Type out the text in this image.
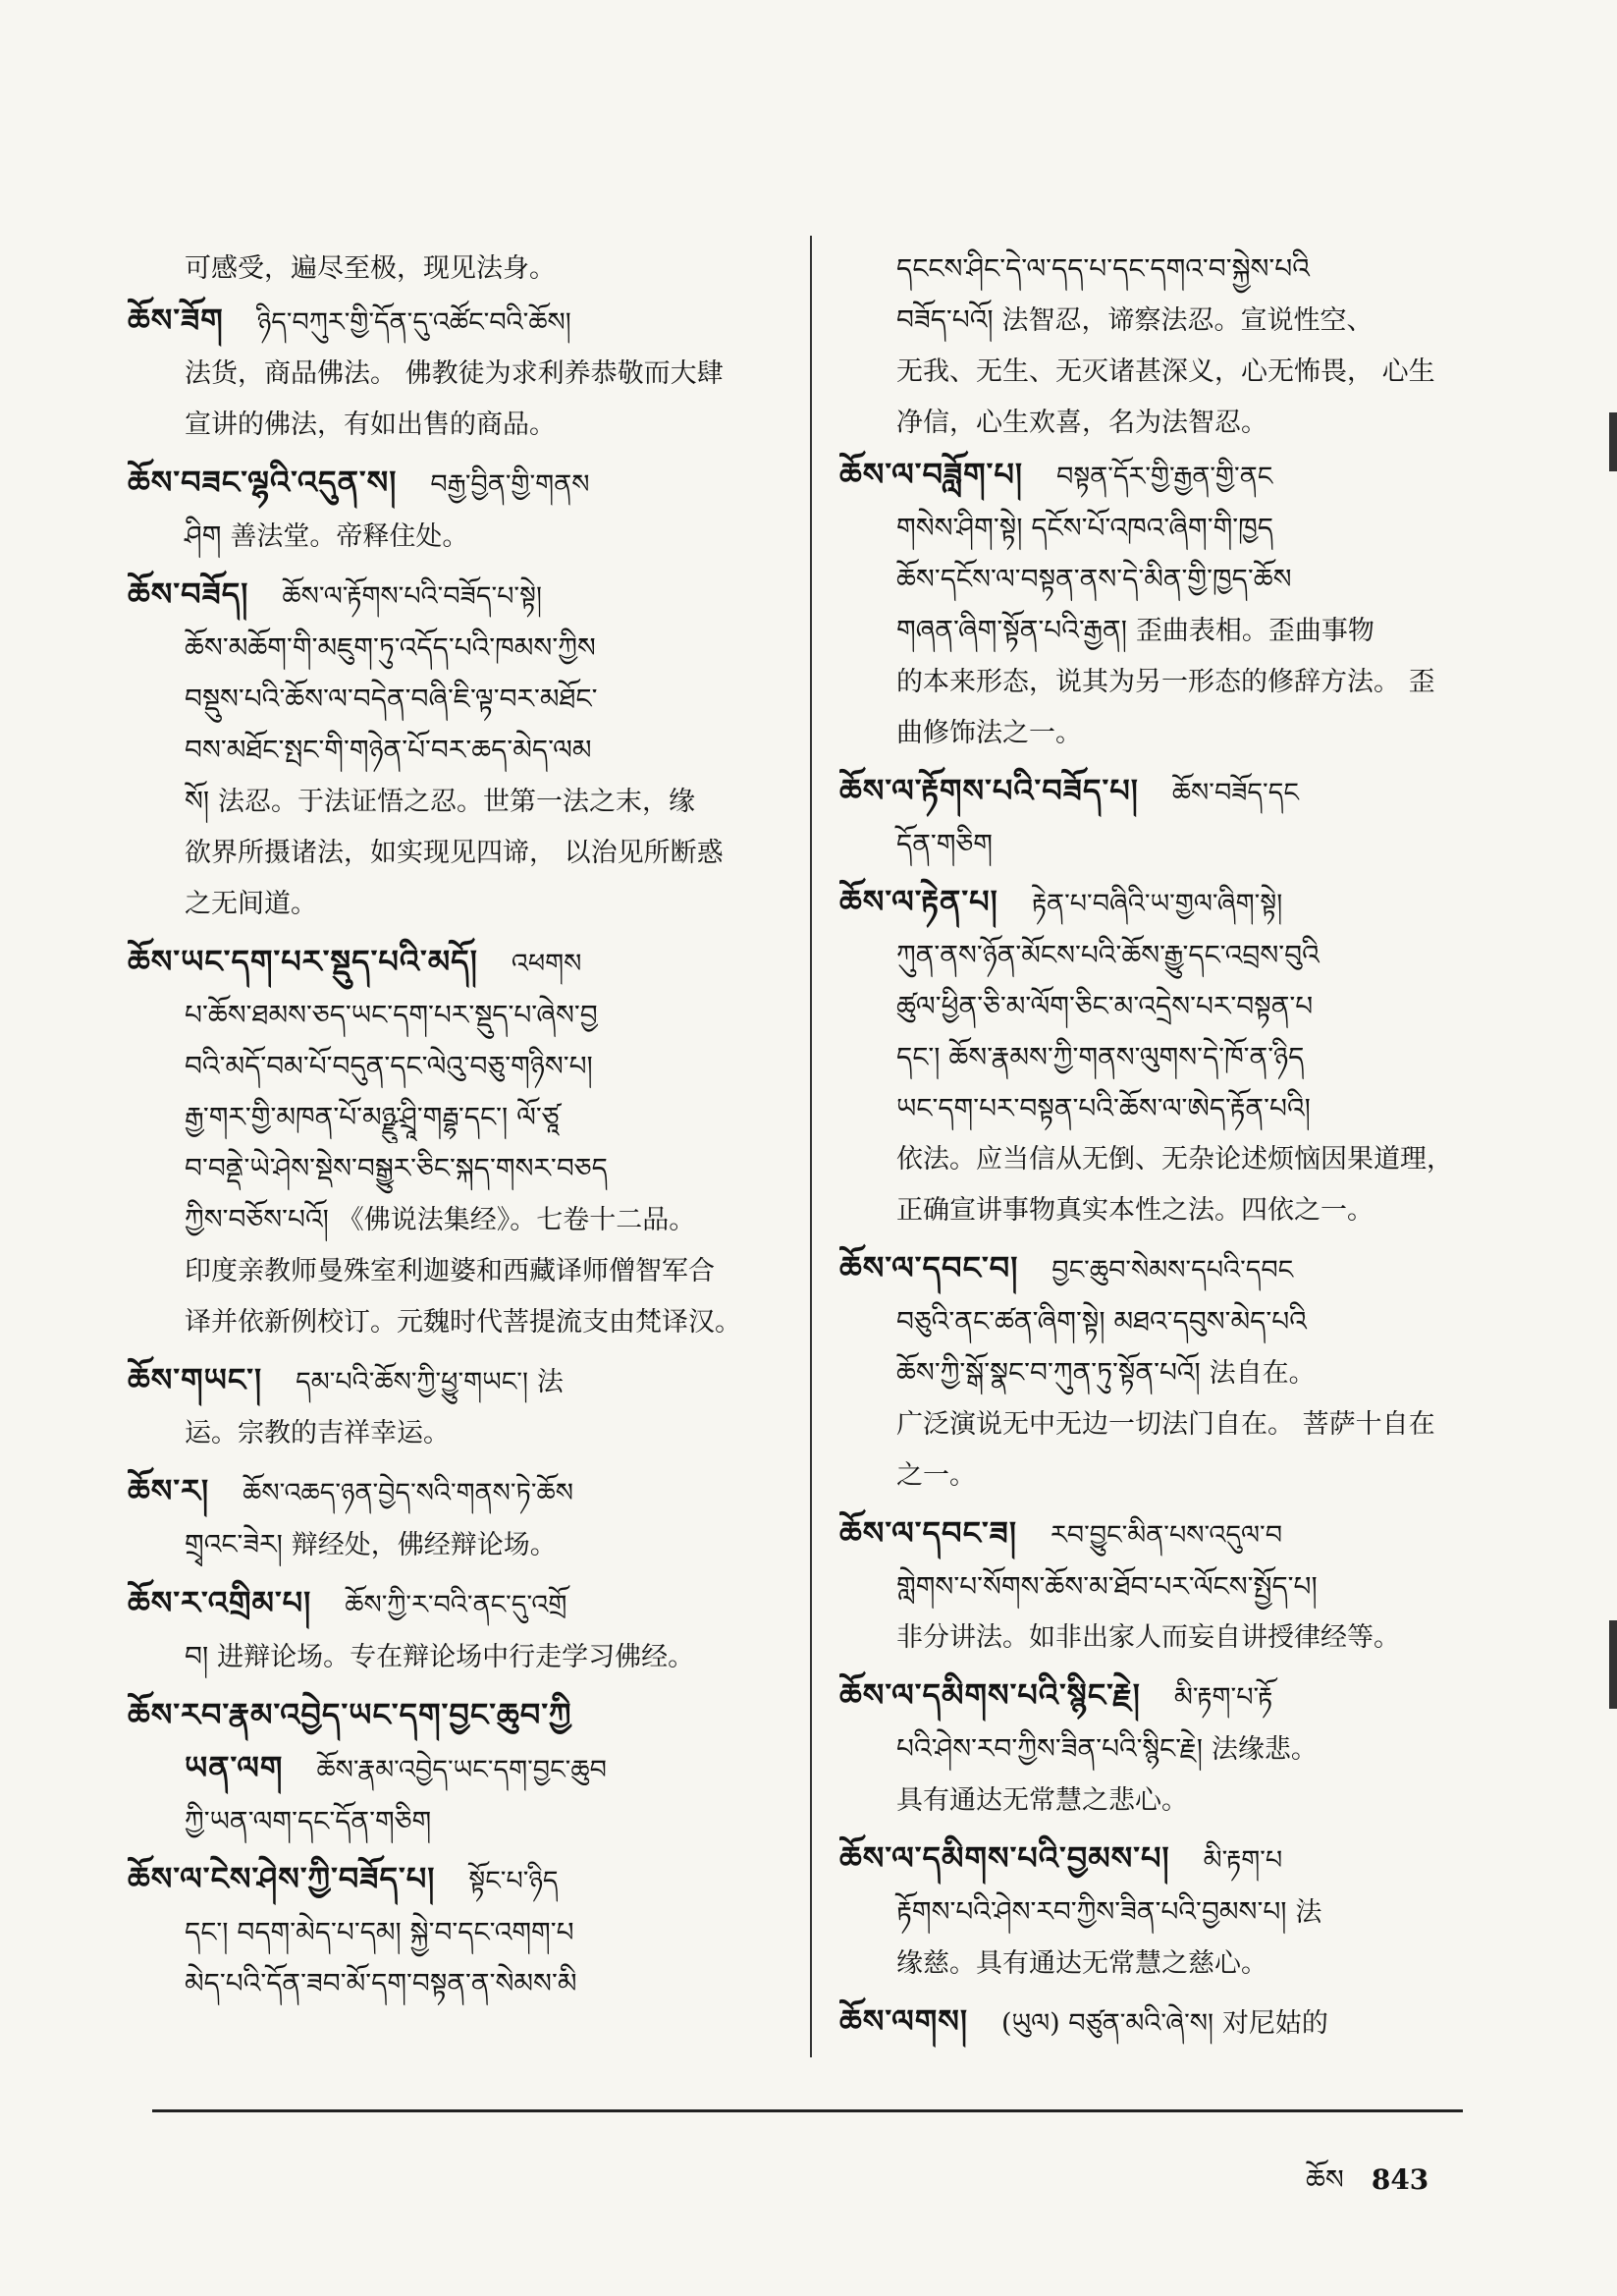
可感受，遍尽至极，现见法身。
ཆོས་ཟོག ཉིད་བཀུར་གྱི་དོན་དུ་འཚོང་བའི་ཆོས།
法货，商品佛法。 佛教徒为求利养恭敬而大肆
宣讲的佛法，有如出售的商品。
ཆོས་བཟང་ལྷའི་འདུན་ས། བརྒྱ་བྱིན་གྱི་གནས
ཤིག 善法堂。帝释住处。
ཆོས་བཟོད། ཆོས་ལ་རྟོགས་པའི་བཟོད་པ་སྟེ།
ཆོས་མཆོག་གི་མཇུག་ཏུ་འདོད་པའི་ཁམས་ཀྱིས
བསྡུས་པའི་ཆོས་ལ་བདེན་བཞི་ཇི་ལྟ་བར་མཐོང་
བས་མཐོང་སྤང་གི་གཉེན་པོ་བར་ཆད་མེད་ལམ
སོ། 法忍。于法证悟之忍。世第一法之末，缘
欲界所摄诸法，如实现见四谛， 以治见所断惑
之无间道。
ཆོས་ཡང་དག་པར་སྡུད་པའི་མདོ། འཕགས
པ་ཆོས་ཐམས་ཅད་ཡང་དག་པར་སྡུད་པ་ཞེས་བྱ
བའི་མདོ་བམ་པོ་བདུན་དང་ལེའུ་བཅུ་གཉིས་པ།
རྒྱ་གར་གྱི་མཁན་པོ་མཉྫུ་ཤྲཱི་གརྦྷ་དང་། ལོ་ཙཱ
བ་བནྡེ་ཡེ་ཤེས་སྡེས་བསྒྱུར་ཅིང་སྐད་གསར་བཅད
ཀྱིས་བཅོས་པའོ། 《佛说法集经》。七卷十二品。
印度亲教师曼殊室利迦婆和西藏译师僧智军合
译并依新例校订。元魏时代菩提流支由梵译汉。
ཆོས་གཡང་། དམ་པའི་ཆོས་ཀྱི་ཕྱུ་གཡང་། 法
运。宗教的吉祥幸运。
ཆོས་ར། ཆོས་འཆད་ཉན་བྱེད་སའི་གནས་ཏེ་ཆོས
གྲྭའང་ཟེར། 辩经处，佛经辩论场。
ཆོས་ར་འགྲིམ་པ། ཆོས་ཀྱི་ར་བའི་ནང་དུ་འགྲོ
བ། 进辩论场。专在辩论场中行走学习佛经。
ཆོས་རབ་རྣམ་འབྱེད་ཡང་དག་བྱང་ཆུབ་ཀྱི
ཡན་ལག ཆོས་རྣམ་འབྱེད་ཡང་དག་བྱང་ཆུབ
ཀྱི་ཡན་ལག་དང་དོན་གཅིག
ཆོས་ལ་ངེས་ཤེས་ཀྱི་བཟོད་པ། སྟོང་པ་ཉིད
དང་། བདག་མེད་པ་དམ། སྐྱེ་བ་དང་འགག་པ
མེད་པའི་དོན་ཟབ་མོ་དག་བསྟན་ན་སེམས་མི
དངངས་ཤིང་དེ་ལ་དད་པ་དང་དགའ་བ་སྐྱེས་པའི
བཟོད་པའོ། 法智忍，谛察法忍。宣说性空、
无我、无生、无灭诸甚深义，心无怖畏， 心生
净信，心生欢喜，名为法智忍。
ཆོས་ལ་བཟློག་པ། བསྟན་དོར་གྱི་རྒྱན་གྱི་ནང
གསེས་ཤིག་སྟེ། དངོས་པོ་འཁའ་ཞིག་གི་ཁྱད
ཆོས་དངོས་ལ་བསྟན་ནས་དེ་མིན་གྱི་ཁྱད་ཆོས
གཞན་ཞིག་སྟོན་པའི་རྒྱན། 歪曲表相。歪曲事物
的本来形态，说其为另一形态的修辞方法。 歪
曲修饰法之一。
ཆོས་ལ་རྟོགས་པའི་བཟོད་པ། ཆོས་བཟོད་དང
དོན་གཅིག
ཆོས་ལ་རྟེན་པ། རྟེན་པ་བཞིའི་ཡ་གྱལ་ཞིག་སྟེ།
ཀུན་ནས་ཉོན་མོངས་པའི་ཆོས་རྒྱུ་དང་འབྲས་བུའི
ཚུལ་ཕྱིན་ཅི་མ་ལོག་ཅིང་མ་འདྲེས་པར་བསྟན་པ
དང་། ཆོས་རྣམས་ཀྱི་གནས་ལུགས་དེ་ཁོ་ན་ཉིད
ཡང་དག་པར་བསྟན་པའི་ཆོས་ལ་ཨེད་རྟོན་པའི།
依法。应当信从无倒、无杂论述烦恼因果道理，
正确宣讲事物真实本性之法。四依之一。
ཆོས་ལ་དབང་བ། བྱང་ཆུབ་སེམས་དཔའི་དབང
བཅུའི་ནང་ཚན་ཞིག་སྟེ། མཐའ་དབུས་མེད་པའི
ཆོས་ཀྱི་སྒོ་སྣང་བ་ཀུན་ཏུ་སྟོན་པའོ། 法自在。
广泛演说无中无边一切法门自在。 菩萨十自在
之一。
ཆོས་ལ་དབང་ཟ། རབ་བྱུང་མིན་པས་འདུལ་བ
གླེགས་པ་སོགས་ཆོས་མ་ཐོབ་པར་ལོངས་སྤྱོད་པ།
非分讲法。如非出家人而妄自讲授律经等。
ཆོས་ལ་དམིགས་པའི་སྙིང་རྗེ། མི་རྟག་པ་རྟོ
པའི་ཤེས་རབ་ཀྱིས་ཟིན་པའི་སྙིང་རྗེ། 法缘悲。
具有通达无常慧之悲心。
ཆོས་ལ་དམིགས་པའི་བྱམས་པ། མི་རྟག་པ
རྟོགས་པའི་ཤེས་རབ་ཀྱིས་ཟིན་པའི་བྱམས་པ། 法
缘慈。具有通达无常慧之慈心。
ཆོས་ལགས། (ཡུལ) བཙུན་མའི་ཞེ་ས། 对尼姑的
ཆོས 843
